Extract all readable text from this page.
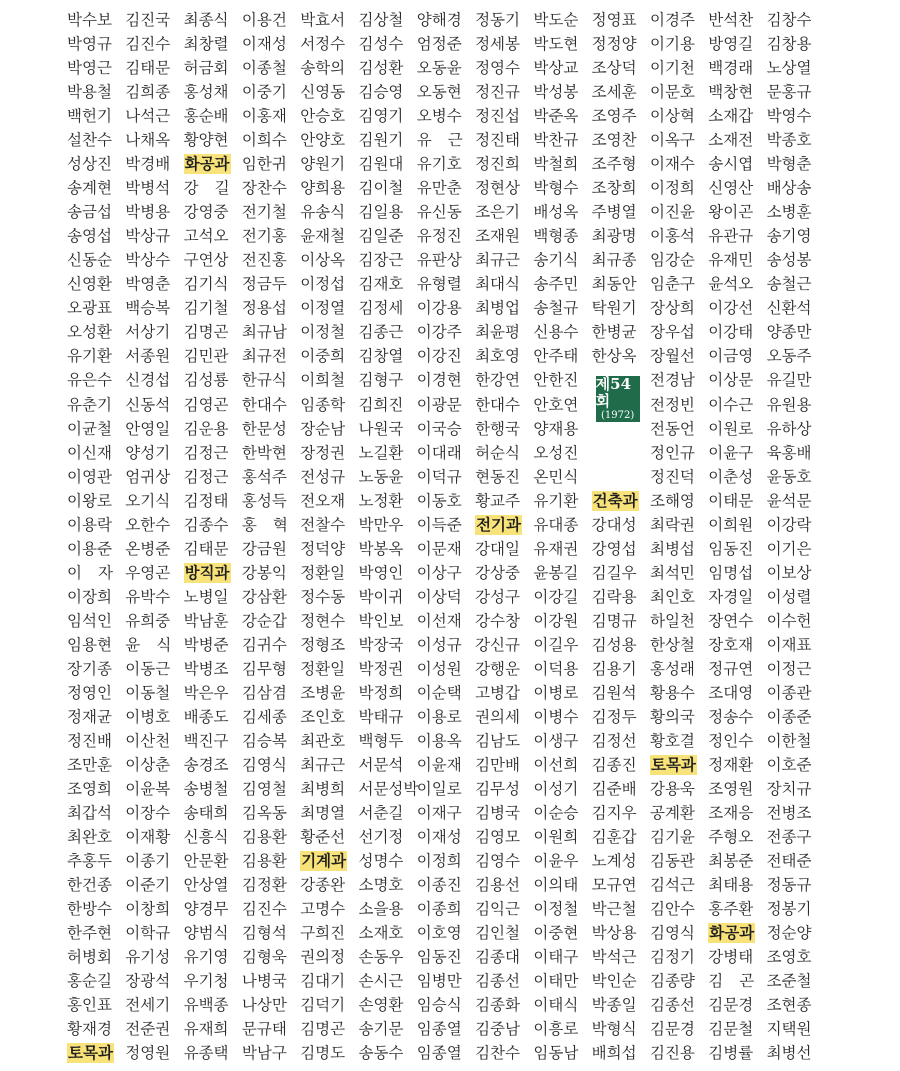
박수보
박영규
박영근
박용철
백헌기
설찬수
성상진
송계현
송금섭
송영섭
신동순
신영환
오광표
오성환
유기환
유은수
유춘기
이균철
이신재
이영관
이왕로
이용락
이용준
이 자
이장희
임석인
임용현
장기종
정영인
정재균
정진배
조만훈
조영희
최갑석
최완호
추홍두
한건종
한방수
한주현
허병회
홍순길
홍인표
황재경
토목과
김진국
김진수
김태문
김희종
나석근
나채옥
박경배
박병석
박병용
박상규
박상수
박영춘
백승복
서상기
서종원
신경섭
신동석
안영일
양성기
엄귀상
오기식
오한수
온병준
우영곤
유박수
유희중
윤 식
이동근
이동철
이병호
이산천
이상춘
이윤복
이장수
이재황
이종기
이준기
이창희
이학규
유기성
장광석
전세기
전준권
정영원
최종식
최창렬
허금회
홍성채
홍순배
황양현
화공과
강 길
강영중
고석오
구연상
김기식
김기철
김명곤
김민관
김성룡
김영곤
김운용
김정근
김정근
김정태
김종수
김태문
방직과
노병일
박남훈
박병준
박병조
박은우
배종도
백진구
송경조
송병철
송태희
신흥식
안문환
안상열
양경무
양범식
유기영
우기청
유백종
유재희
유종택
이용건
이재성
이종철
이중기
이홍재
이희수
임한귀
장찬수
전기철
전기홍
전진홍
정금두
정용섭
최규남
최규전
한규식
한대수
한문성
한박현
홍석주
홍성득
홍 혁
강금원
강봉익
강삼환
강순갑
김귀수
김무형
김삼겸
김세종
김승복
김영식
김영철
김옥동
김용환
김용환
김정환
김진수
김형석
김형욱
나병국
나상만
문규태
박남구
박효서
서정수
송학의
신영동
안승호
안양호
양원기
양희용
유송식
윤재철
이상옥
이정섭
이정열
이정철
이중희
이희철
임종학
장순남
장정권
전성규
전오재
전찰수
정덕양
정환일
정수동
정현수
정형조
정환일
조병윤
조인호
최관호
최규근
최병희
최명열
황준선
기계과
강종완
고명수
구희진
권의정
김대기
김덕기
김명곤
김명도
김상철
김성수
김성환
김승영
김영기
김원기
김원대
김이철
김일용
김일준
김장근
김재호
김정세
김종근
김창열
김형구
김희진
나원국
노길환
노동윤
노정환
박만우
박봉옥
박영인
박이귀
박인보
박장국
박정권
박정희
박태규
백형두
서문석
서문성박
서춘길
선기정
성명수
소명호
소을용
소재호
손동우
손시근
손영환
송기문
송동수
양해경
엄정준
오동윤
오동현
오병수
유 근
유기호
유만춘
유신동
유정진
유판상
유형렬
이강용
이강주
이강진
이경현
이광문
이국승
이대래
이덕규
이동호
이득준
이문재
이상구
이상덕
이선재
이성규
이성원
이순택
이용로
이용옥
이윤재
이일로
이재구
이재성
이정희
이종진
이종희
이호영
임동진
임병만
임승식
임종열
임종열
정동기
정세봉
정영수
정진규
정진섭
정진태
정진희
정현상
조은기
조재원
최규근
최대식
최병업
최윤평
최호영
한강연
한대수
한행국
허순식
현동진
황교주
전기과
강대일
강상중
강성구
강수창
강신규
강행운
고병갑
권의세
김남도
김만배
김무성
김병국
김영모
김영수
김용선
김익근
김인철
김종대
김종선
김종화
김중남
김찬수
박도순
박도현
박상교
박성봉
박준옥
박찬규
박철희
박형수
배성옥
백형종
송기식
송주민
송철규
신용수
안주태
안한진
안호연
양재용
오성진
온민식
유기환
유대종
유재권
윤봉길
이강길
이강원
이길우
이덕용
이병로
이병수
이생구
이선희
이성기
이순승
이원희
이윤우
이의태
이정철
이중현
이태구
이태만
이태식
이흥로
임동남
정영표
정정양
조상덕
조세훈
조영주
조영찬
조주형
조창희
주병열
최광명
최규종
최동안
탁원기
한병균
한상옥
건축과
강대성
강영섭
김길우
김락용
김명규
김성용
김용기
김원석
김정두
김정선
김종진
김준배
김지우
김훈갑
노계성
모규연
박근철
박상용
박석근
박인순
박종일
박형식
배희섭
이경주
이기용
이기천
이문호
이상혁
이옥구
이재수
이정희
이진윤
이홍석
임강순
임춘구
장상희
장우섭
장월선
전경남
전정빈
전동언
정인규
정진덕
조해영
최락권
최병섭
최석민
최인호
하일천
한상철
홍성래
황용수
황의국
황호결
토목과
강용욱
공계환
김기윤
김동관
김석근
김안수
김영식
김정기
김종량
김종선
김문경
김진용
반석찬
방영길
백경래
백창현
소재갑
소재전
송시엽
신영산
왕이곤
유관규
유재민
윤석오
이강선
이강태
이금영
이상문
이수근
이원로
이윤구
이춘성
이태문
이희원
임동진
임명섭
자경일
장연수
장호재
정규연
조대영
정송수
정인수
정재환
조영원
조재응
주형오
최봉준
최태용
홍주환
화공과
강병태
김 곤
김문경
김문철
김병률
김창수
김창용
노상열
문홍규
박영수
박종호
박형춘
배상송
소병훈
송기영
송성봉
송철근
신환석
양종만
오동주
유길만
유원용
유하상
육홍배
윤동호
윤석문
이강락
이기은
이보상
이성렬
이수헌
이재표
이정근
이종관
이종준
이한철
이호준
장치규
전병조
전종구
전태준
정동규
정봉기
정순양
조영호
조준철
조현종
지택원
최병선
제54회
(1972)
